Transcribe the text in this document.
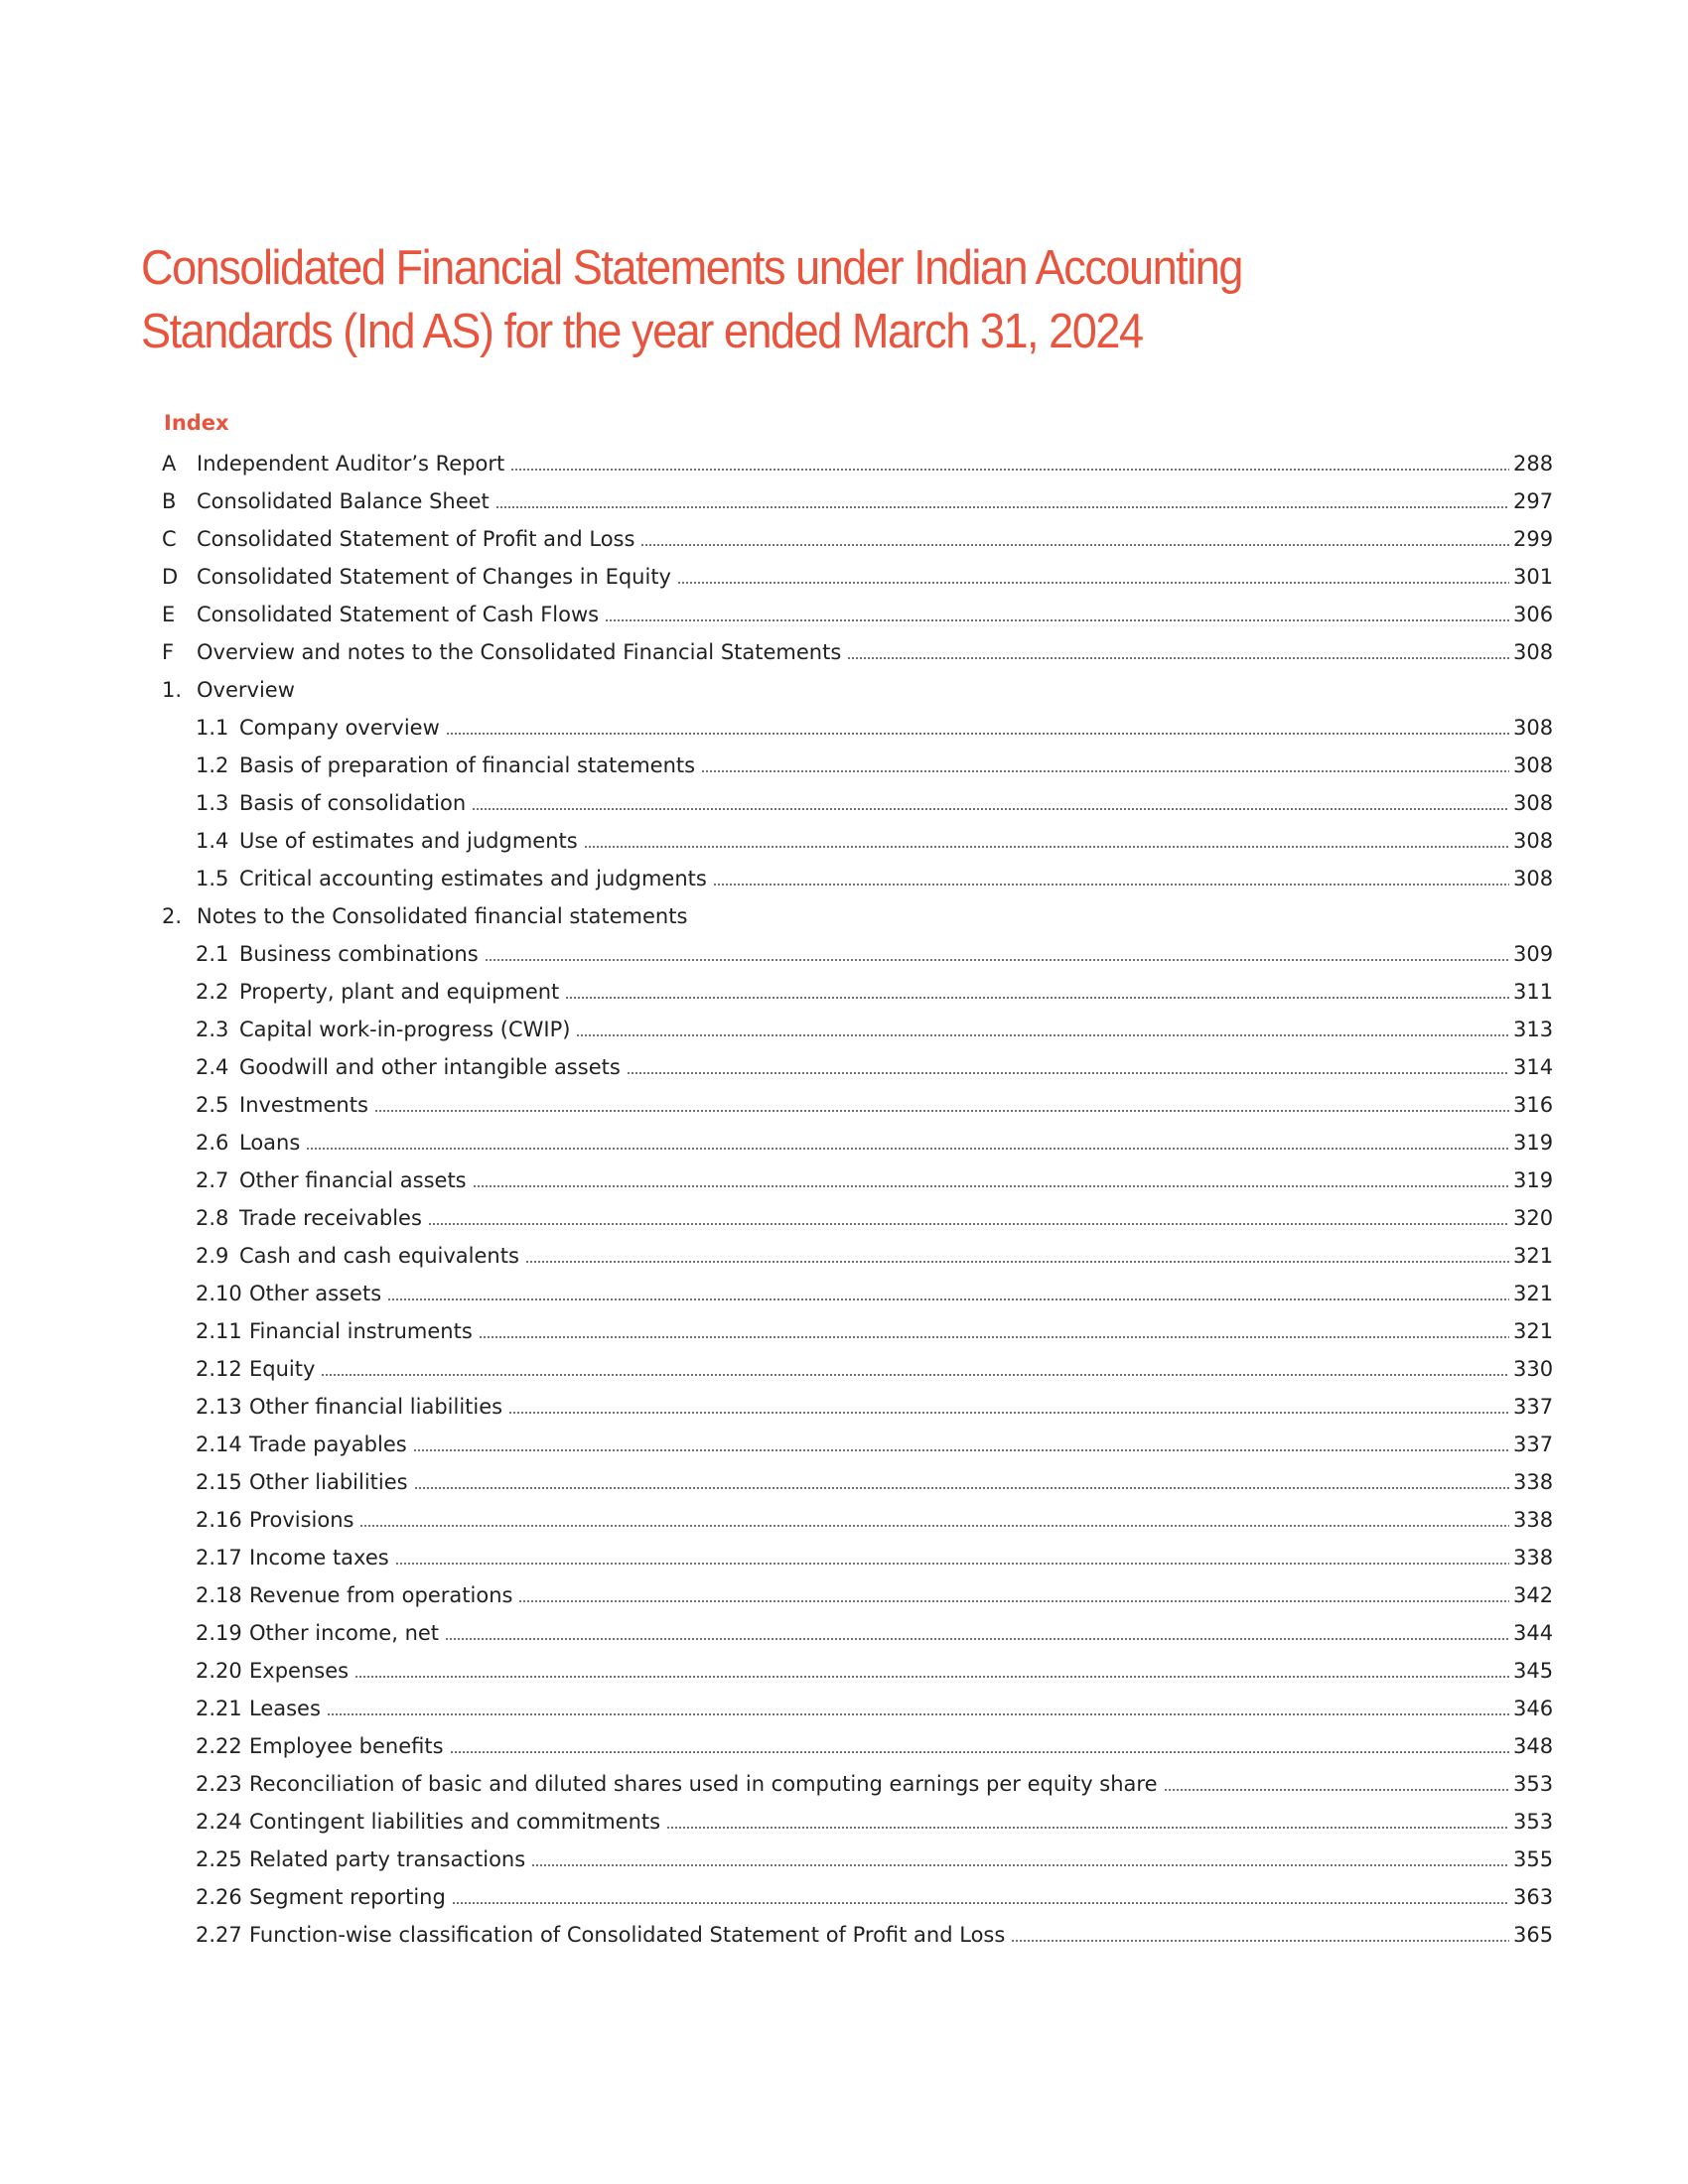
Consolidated Financial Statements under Indian Accounting Standards (Ind AS) for the year ended March 31, 2024
Index
A Independent Auditor’s Report	288
B Consolidated Balance Sheet	297
C Consolidated Statement of Profit and Loss	299
D Consolidated Statement of Changes in Equity	301
E	Consolidated Statement of Cash Flows	306
F	Overview and notes to the Consolidated Financial Statements	308
1. Overview
1.1 Company overview	308
1.2 Basis of preparation of financial statements	308
1.3 Basis of consolidation	308
1.4 Use of estimates and judgments	308
1.5 Critical accounting estimates and judgments	308
2. Notes to the Consolidated financial statements
2.1 Business combinations	309
2.2 Property, plant and equipment	311
2.3 Capital work-in-progress (CWIP)	313
2.4 Goodwill and other intangible assets	314
2.5 Investments	316
2.6 Loans	319
2.7 Other financial assets	319
2.8 Trade receivables	320
2.9 Cash and cash equivalents	321
2.10 Other assets	321
2.11 Financial instruments	321
2.12 Equity	330
2.13 Other financial liabilities	337
2.14 Trade payables	337
2.15 Other liabilities	338
2.16 Provisions	338
2.17 Income taxes	338
2.18 Revenue from operations	342
2.19 Other income, net	344
2.20 Expenses	345
2.21 Leases	346
2.22 Employee benefits	348
2.23 Reconciliation of basic and diluted shares used in computing earnings per equity share	353
2.24 Contingent liabilities and commitments	353
2.25 Related party transactions	355
2.26 Segment reporting	363
2.27 Function-wise classification of Consolidated Statement of Profit and Loss	365
